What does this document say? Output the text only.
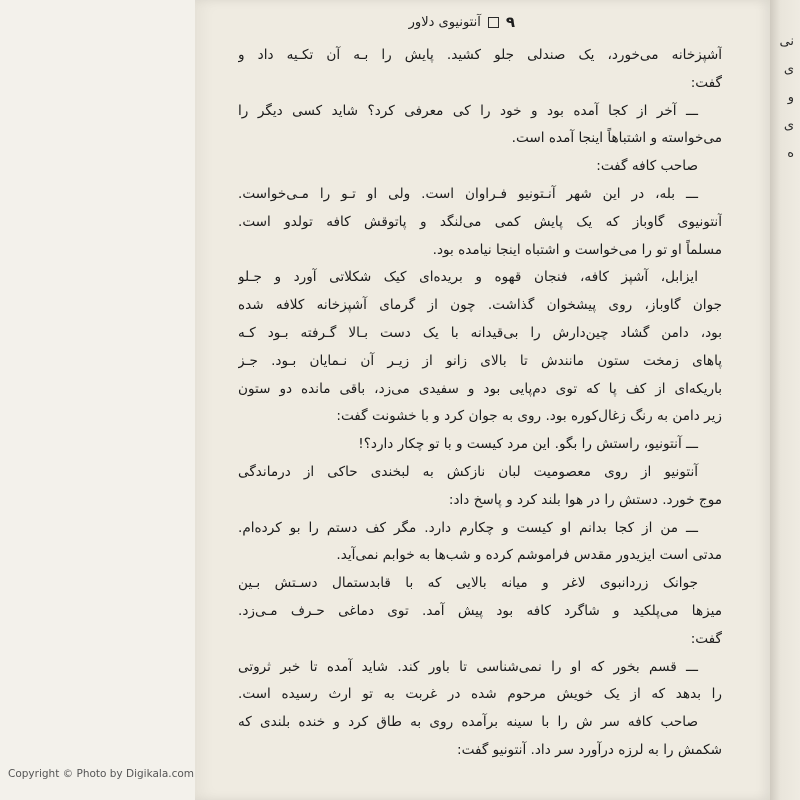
نی
ی
و
ی
ه
۹
آنتونیوی دلاور
آشپزخانه می‌خورد، یک صندلی جلو کشید. پایش را بـه آن تکـیه داد و
گفت:
ـــ آخر از کجا آمده بود و خود را کی معرفی کرد؟ شاید کسی دیگر را
می‌خواسته و اشتباهاً اینجا آمده است.
صاحب کافه گفت:
ـــ بله، در این شهر آنـتونیو فـراوان است. ولی او تـو را مـی‌خواست.
آنتونیوی گاوباز که یک پایش کمی می‌لنگد و پاتوقش کافه تولدو است.
مسلماً او تو را می‌خواست و اشتباه اینجا نیامده بود.
ایزابل، آشپز کافه، فنجان قهوه و بریده‌ای کیک شکلاتی آورد و جـلو
جوان گاوباز، روی پیشخوان گذاشت. چون از گرمای آشپزخانه کلافه شده
بود، دامن گشاد چین‌دارش را بی‌قیدانه با یک دست بـالا گـرفته بـود کـه
پاهای زمخت ستون مانندش تا بالای زانو از زیـر آن نـمایان بـود. جـز
باریکه‌ای از کف پا که توی دم‌پایی بود و سفیدی می‌زد، باقی مانده دو ستون
زیر دامن به رنگ زغال‌کوره بود. روی به جوان کرد و با خشونت گفت:
ـــ آنتونیو، راستش را بگو. این مرد کیست و با تو چکار دارد؟!
آنتونیو از روی معصومیت لبان نازکش به لبخندی حاکی از درماندگی
موج خورد. دستش را در هوا بلند کرد و پاسخ داد:
ـــ من از کجا بدانم او کیست و چکارم دارد. مگر کف دستم را بو کرده‌ام.
مدتی است ایزیدور مقدس فراموشم کرده و شب‌ها به خوابم نمی‌آید.
جوانک زردانبوی لاغر و میانه بالایی که با قابدستمال دسـتش بـین
میزها می‌پلکید و شاگرد کافه بود پیش آمد. توی دماغی حـرف مـی‌زد.
گفت:
ـــ قسم بخور که او را نمی‌شناسی تا باور کند. شاید آمده تا خبر ثروتی
را بدهد که از یک خویش مرحوم شده در غربت به تو ارث رسیده است.
صاحب کافه سر ش را با سینه برآمده روی به طاق کرد و خنده بلندی که
شکمش را به لرزه درآورد سر داد. آنتونیو گفت:
Copyright © Photo by Digikala.com
